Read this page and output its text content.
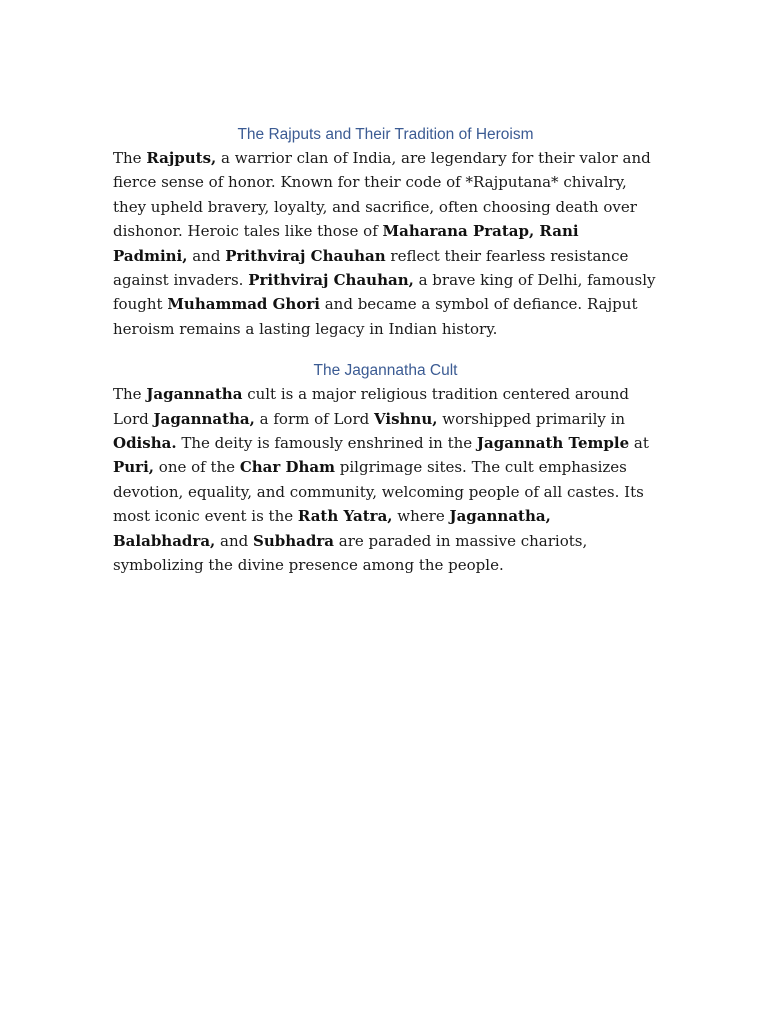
The Rajputs and Their Tradition of Heroism

The Rajputs, a warrior clan of India, are legendary for their valor and fierce sense of honor. Known for their code of *Rajputana* chivalry, they upheld bravery, loyalty, and sacrifice, often choosing death over dishonor. Heroic tales like those of Maharana Pratap, Rani Padmini, and Prithviraj Chauhan reflect their fearless resistance against invaders. Prithviraj Chauhan, a brave king of Delhi, famously fought Muhammad Ghori and became a symbol of defiance. Rajput heroism remains a lasting legacy in Indian history.

The Jagannatha Cult

The Jagannatha cult is a major religious tradition centered around Lord Jagannatha, a form of Lord Vishnu, worshipped primarily in Odisha. The deity is famously enshrined in the Jagannath Temple at Puri, one of the Char Dham pilgrimage sites. The cult emphasizes devotion, equality, and community, welcoming people of all castes. Its most iconic event is the Rath Yatra, where Jagannatha, Balabhadra, and Subhadra are paraded in massive chariots, symbolizing the divine presence among the people.
